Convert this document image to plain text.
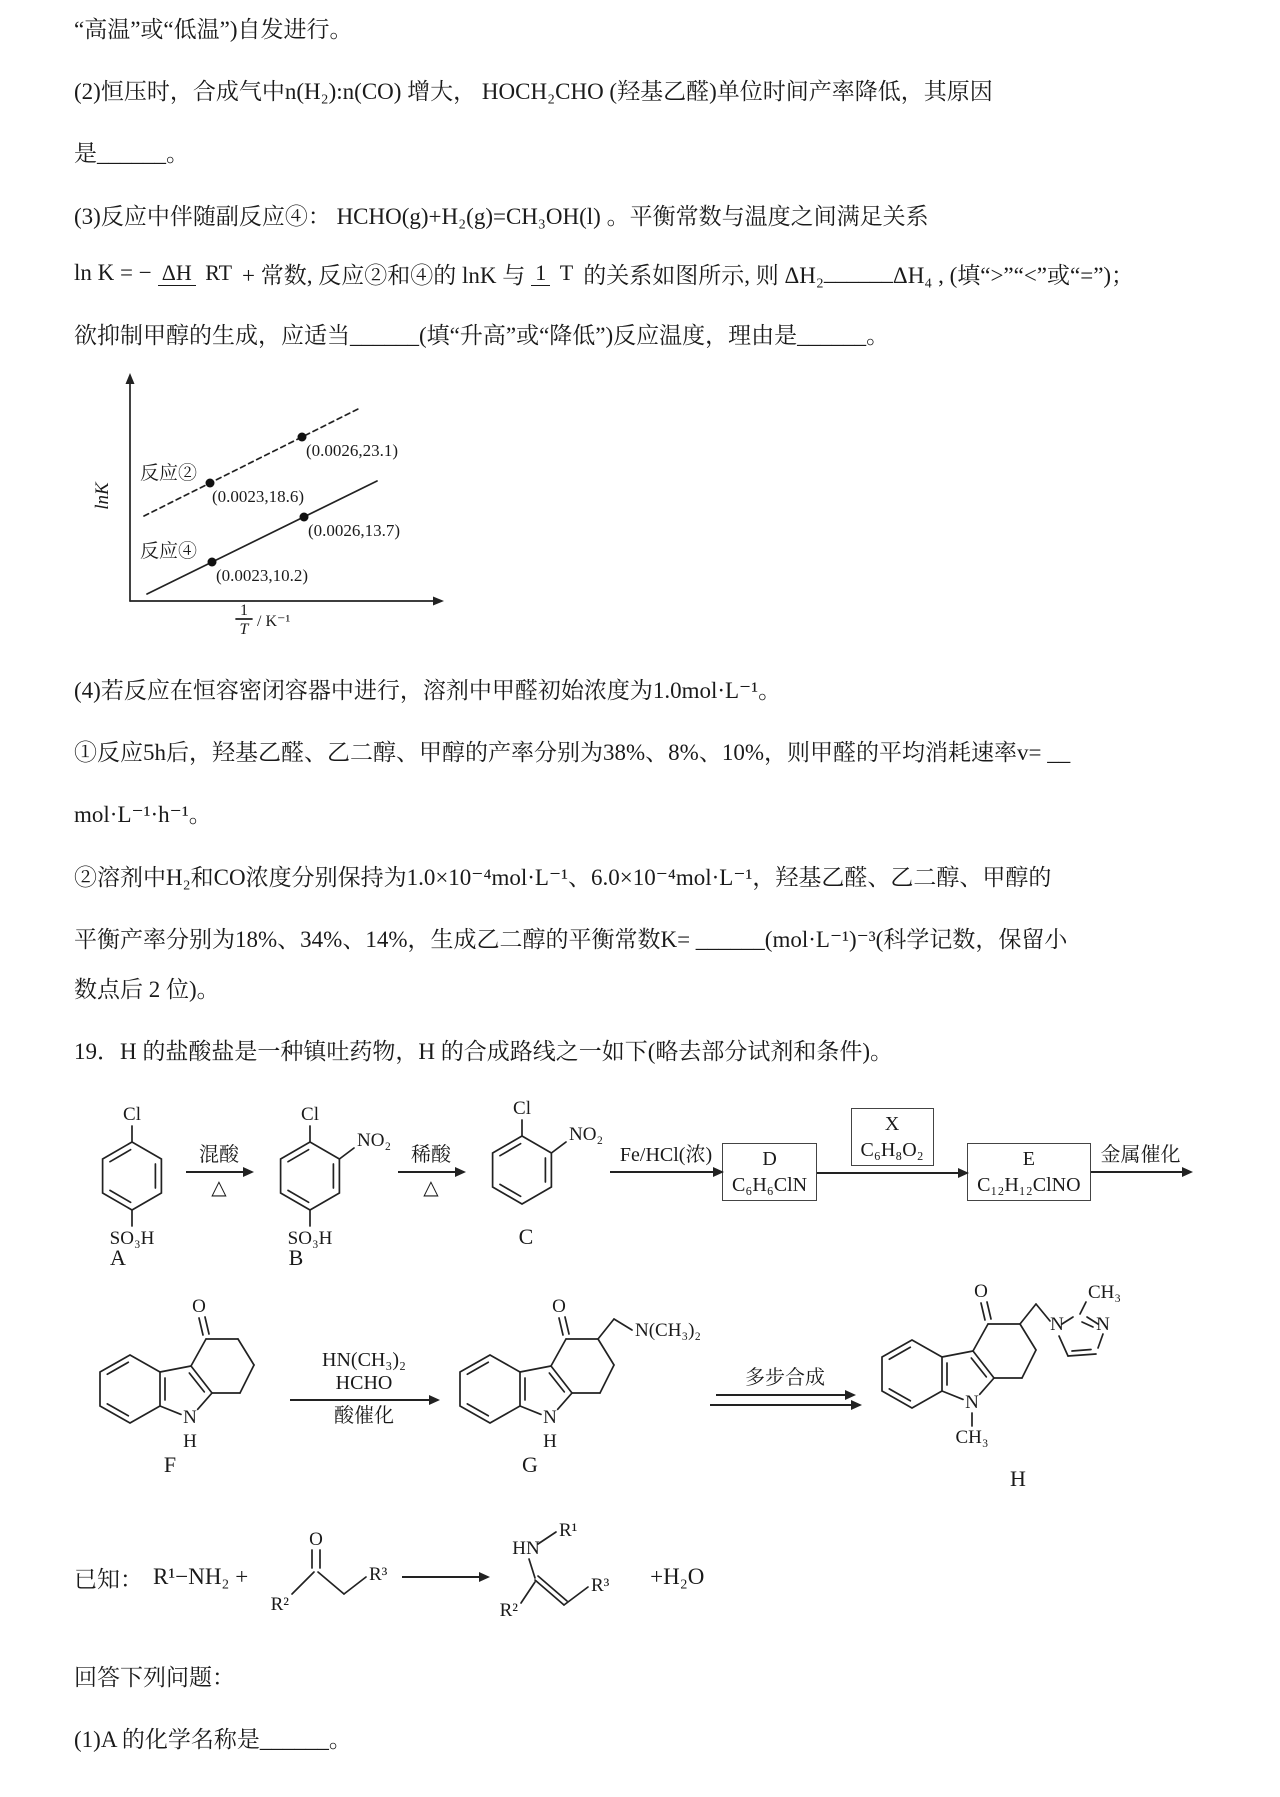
“高温”或“低温”)自发进行。

(2)恒压时，合成气中n(H₂):n(CO) 增大， HOCH₂CHO (羟基乙醛)单位时间产率降低，其原因

是______。

(3)反应中伴随副反应④： HCHO(g)+H₂(g)=CH₃OH(l) 。平衡常数与温度之间满足关系

ln K = − ΔH RT + 常数, 反应②和④的 lnK 与 1 T 的关系如图所示, 则 ΔH₂ ______ ΔH₄ , (填“>”“<”或“=”)；

欲抑制甲醇的生成，应适当______(填“升高”或“降低”)反应温度，理由是______。

反应②
(0.0023,18.6)
(0.0026,23.1)
反应④
(0.0023,10.2)
(0.0026,13.7)
lnK
1
T / K⁻¹

(4)若反应在恒容密闭容器中进行，溶剂中甲醛初始浓度为1.0mol·L⁻¹。

①反应5h后，羟基乙醛、乙二醇、甲醇的产率分别为38%、8%、10%，则甲醛的平均消耗速率v= __

mol·L⁻¹·h⁻¹。

②溶剂中H₂和CO浓度分别保持为1.0×10⁻⁴mol·L⁻¹、6.0×10⁻⁴mol·L⁻¹，羟基乙醛、乙二醇、甲醇的

平衡产率分别为18%、34%、14%，生成乙二醇的平衡常数K= ______(mol·L⁻¹)⁻³(科学记数，保留小

数点后 2 位)。

19．H 的盐酸盐是一种镇吐药物，H 的合成路线之一如下(略去部分试剂和条件)。

Cl
SO₃H
A
混酸
△
Cl
NO₂
SO₃H
B
稀酸
△
Cl
NO₂
C
Fe/HCl(浓)	D
C₆H₆ClN
X
C₆H₈O₂	E
C₁₂H₁₂ClNO
金属催化
N
H
O
F
HN(CH₃)₂
HCHO
酸催化	N
H
O
N(CH₃)₂
G
多步合成
N
CH₃
O
N N
CH₃
H
已知： R¹−NH₂ +
O
R²
R³
HN
R¹
R²
R³ +H₂O

回答下列问题：

(1)A 的化学名称是______。
